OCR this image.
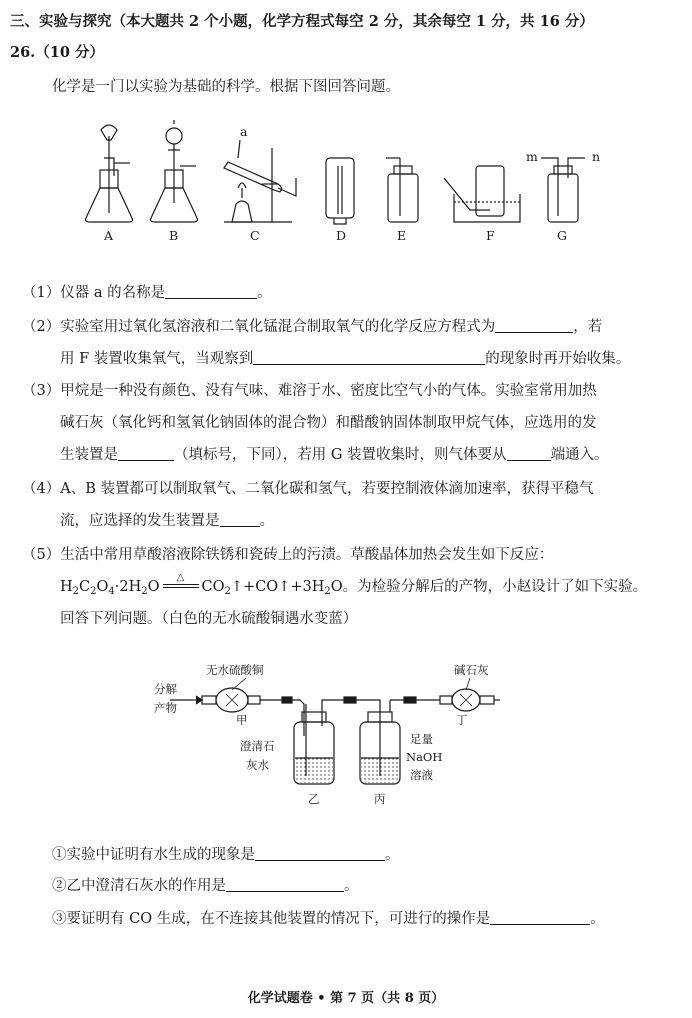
三、实验与探究（本大题共 2 个小题，化学方程式每空 2 分，其余每空 1 分，共 16 分）
26.（10 分）
化学是一门以实验为基础的科学。根据下图回答问题。
a
m	n
A	B	C	D	E	F	G
（1）仪器 a 的名称是	。
（2）实验室用过氧化氢溶液和二氧化锰混合制取氧气的化学反应方程式为	，若
用 F 装置收集氧气，当观察到	的现象时再开始收集。
（3）甲烷是一种没有颜色、没有气味、难溶于水、密度比空气小的气体。实验室常用加热
碱石灰（氧化钙和氢氧化钠固体的混合物）和醋酸钠固体制取甲烷气体，应选用的发
生装置是	（填标号，下同），若用 G 装置收集时，则气体要从	端通入。
（4）A、B 装置都可以制取氧气、二氧化碳和氢气，若要控制液体滴加速率，获得平稳气
流，应选择的发生装置是	。
（5）生活中常用草酸溶液除铁锈和瓷砖上的污渍。草酸晶体加热会发生如下反应：
$H_2C_2O_4\cdot 2H_2O$
△
$CO_2↑+CO↑+3H_2O$。为检验分解后的产物，小赵设计了如下实验。
回答下列问题。（白色的无水硫酸铜遇水变蓝）
无水硫酸铜	碱石灰
分解
产物
甲	丁
澄清石
灰水
足量
NaOH
溶液
乙	丙
①实验中证明有水生成的现象是	。
②乙中澄清石灰水的作用是	。
③要证明有 CO 生成，在不连接其他装置的情况下，可进行的操作是	。
化学试题卷 • 第 7 页（共 8 页）
